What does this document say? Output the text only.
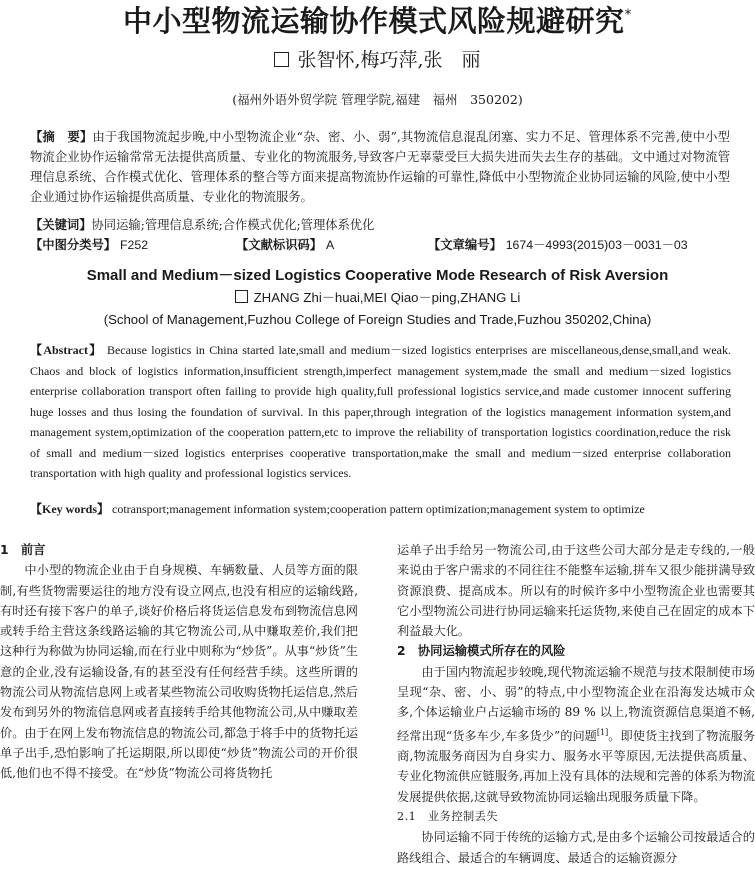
中小型物流运输协作模式风险规避研究*
张智怀,梅巧萍,张　丽
(福州外语外贸学院 管理学院,福建　福州　350202)
【摘　要】由于我国物流起步晚,中小型物流企业“杂、密、小、弱”,其物流信息混乱闭塞、实力不足、管理体系不完善,使中小型物流企业协作运输常常无法提供高质量、专业化的物流服务,导致客户无辜蒙受巨大损失进而失去生存的基础。文中通过对物流管理信息系统、合作模式优化、管理体系的整合等方面来提高物流协作运输的可靠性,降低中小型物流企业协同运输的风险,使中小型企业通过协作运输提供高质量、专业化的物流服务。
【关键词】协同运输;管理信息系统;合作模式优化;管理体系优化
【中图分类号】 F252	【文献标识码】 A	【文章编号】 1674－4993(2015)03－0031－03
Small and Medium－sized Logistics Cooperative Mode Research of Risk Aversion
ZHANG Zhi－huai,MEI Qiao－ping,ZHANG Li
(School of Management,Fuzhou College of Foreign Studies and Trade,Fuzhou 350202,China)
【Abstract】 Because logistics in China started late,small and medium－sized logistics enterprises are miscellaneous,dense,small,and weak. Chaos and block of logistics information,insufficient strength,imperfect management system,made the small and medium－sized logistics enterprise collaboration transport often failing to provide high quality,full professional logistics service,and made customer innocent suffering huge losses and thus losing the foundation of survival. In this paper,through integration of the logistics management information system,and management system,optimization of the cooperation pattern,etc to improve the reliability of transportation logistics coordination,reduce the risk of small and medium－sized logistics enterprises cooperative transportation,make the small and medium－sized enterprise collaboration transportation with high quality and professional logistics services.
【Key words】 cotransport;management information system;cooperation pattern optimization;management system to optimize

1　前言

中小型的物流企业由于自身规模、车辆数量、人员等方面的限制,有些货物需要运往的地方没有设立网点,也没有相应的运输线路,有时还有接下客户的单子,谈好价格后将货运信息发布到物流信息网或转手给主营这条线路运输的其它物流公司,从中赚取差价,我们把这种行为称做为协同运输,而在行业中则称为“炒货”。从事“炒货”生意的企业,没有运输设备,有的甚至没有任何经营手续。这些所谓的物流公司从物流信息网上或者某些物流公司收购货物托运信息,然后发布到另外的物流信息网或者直接转手给其他物流公司,从中赚取差价。由于在网上发布物流信息的物流公司,都急于将手中的货物托运单子出手,恐怕影响了托运期限,所以即使“炒货”物流公司的开价很低,他们也不得不接受。在“炒货”物流公司将货物托

运单子出手给另一物流公司,由于这些公司大部分是走专线的,一般来说由于客户需求的不同往往不能整车运输,拼车又很少能拼满导致资源浪费、提高成本。所以有的时候许多中小型物流企业也需要其它小型物流公司进行协同运输来托运货物,来使自己在固定的成本下利益最大化。

2　协同运输模式所存在的风险

由于国内物流起步较晚,现代物流运输不规范与技术限制使市场呈现“杂、密、小、弱”的特点,中小型物流企业在沿海发达城市众多,个体运输业户占运输市场的 89 % 以上,物流资源信息渠道不畅,经常出现“货多车少,车多货少”的问题[1]。即使货主找到了物流服务商,物流服务商因为自身实力、服务水平等原因,无法提供高质量、专业化物流供应链服务,再加上没有具体的法规和完善的体系为物流发展提供依据,这就导致物流协同运输出现服务质量下降。

2.1　业务控制丢失

协同运输不同于传统的运输方式,是由多个运输公司按最适合的路线组合、最适合的车辆调度、最适合的运输资源分
